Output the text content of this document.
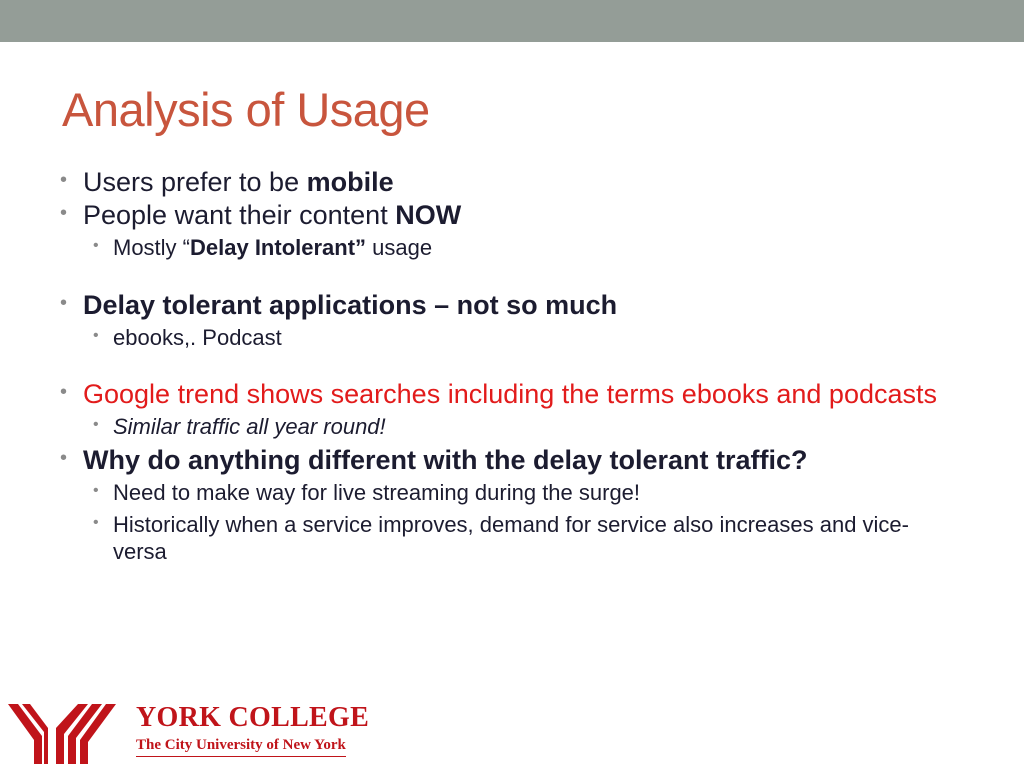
Analysis of Usage
• Users prefer to be mobile
• People want their content NOW
• Mostly “Delay Intolerant” usage
• Delay tolerant applications – not so much
• ebooks,. Podcast
• Google trend shows searches including the terms ebooks and podcasts
• Similar traffic all year round!
• Why do anything different with the delay tolerant traffic?
• Need to make way for live streaming during the surge!
• Historically when a service improves, demand for service also increases and vice-versa
YORK COLLEGE
The City University of New York
